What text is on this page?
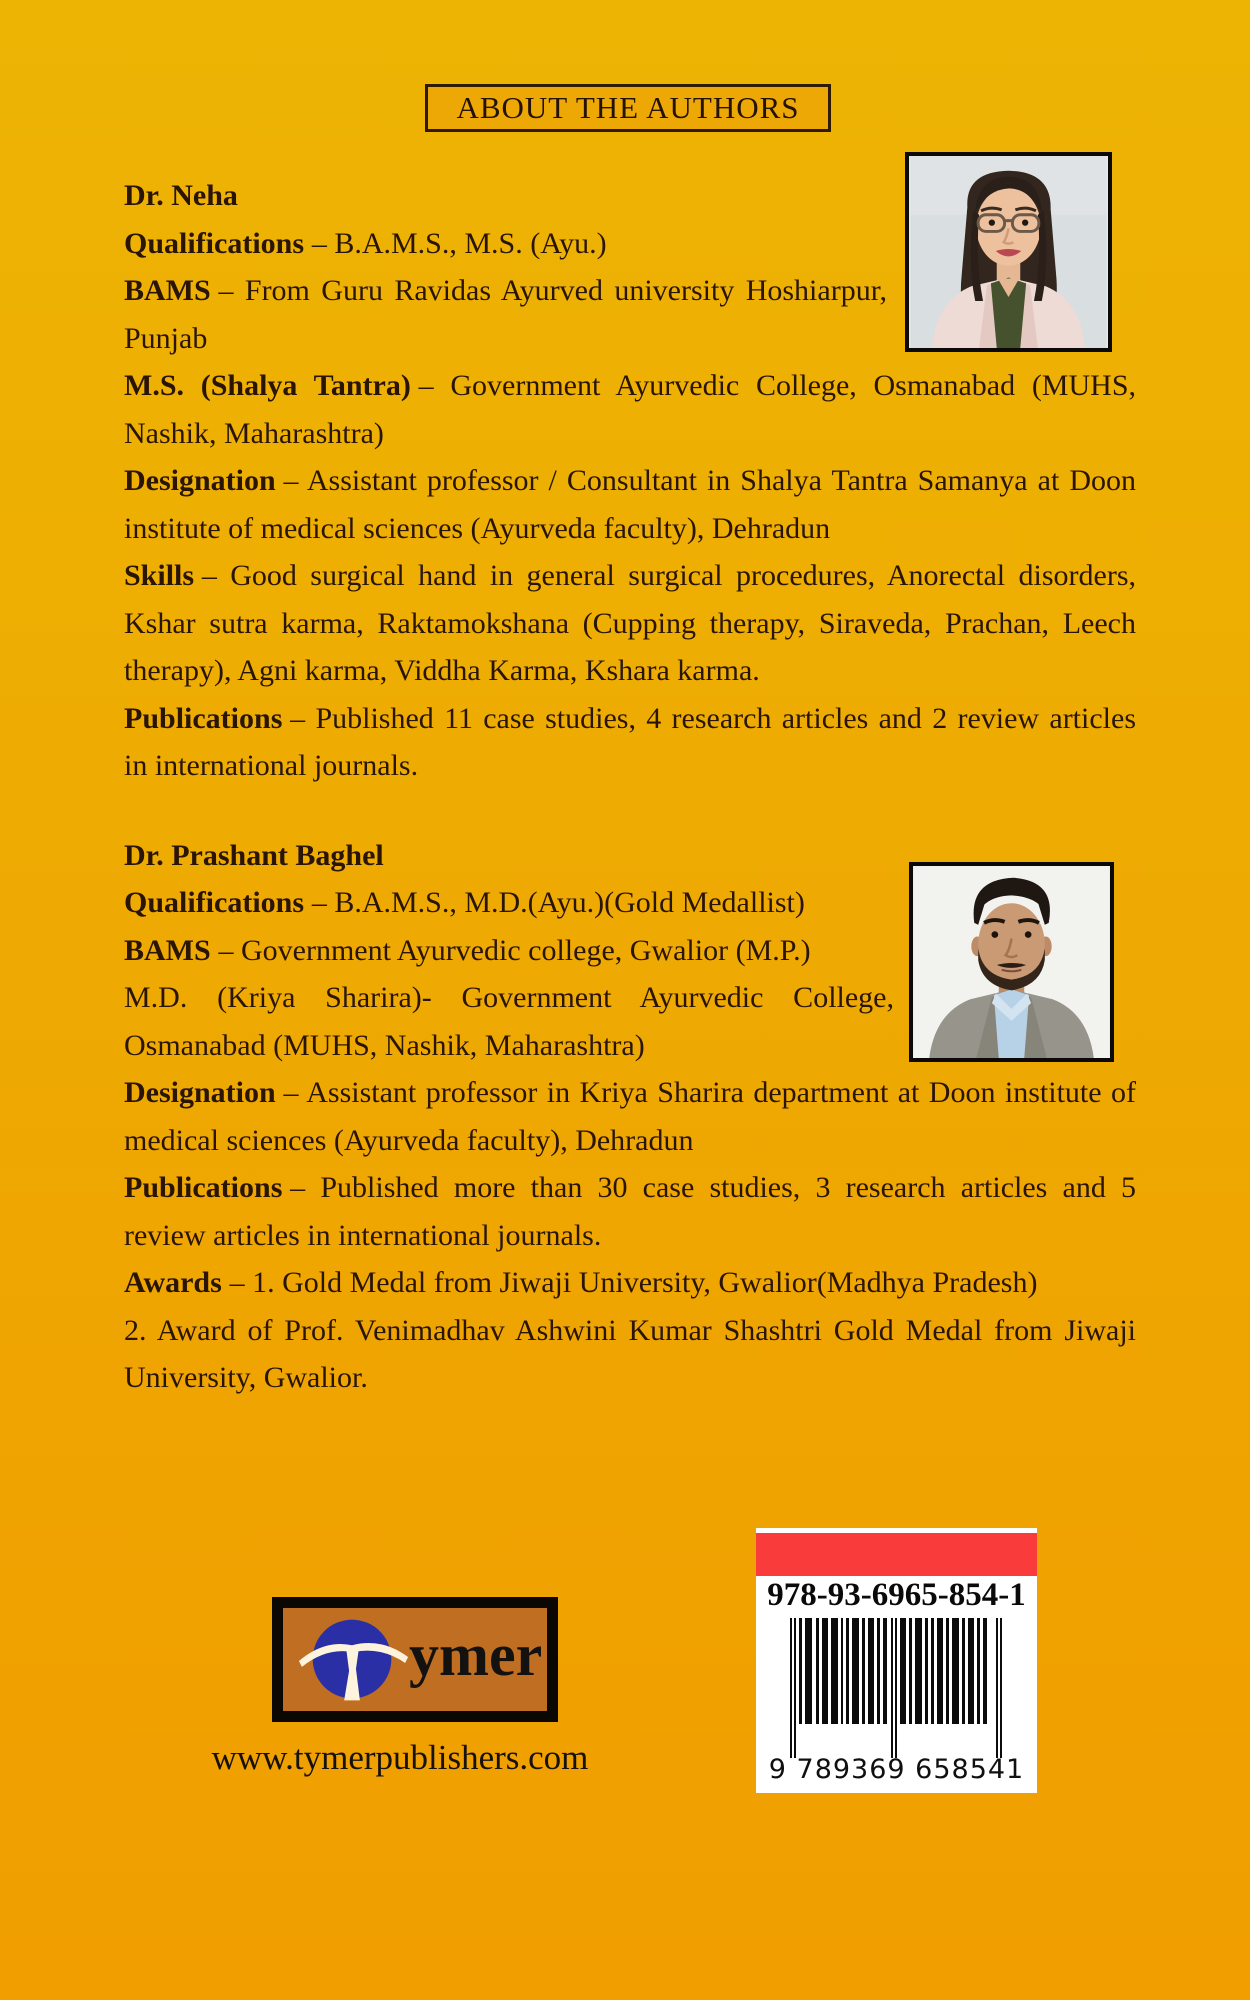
ABOUT THE AUTHORS

Dr. Neha

Qualifications – B.A.M.S., M.S. (Ayu.)

BAMS – From Guru Ravidas Ayurved university Hoshiarpur, Punjab

M.S. (Shalya Tantra) – Government Ayurvedic College, Osmanabad (MUHS, Nashik, Maharashtra)

Designation – Assistant professor / Consultant in Shalya Tantra Samanya at Doon institute of medical sciences (Ayurveda faculty), Dehradun

Skills – Good surgical hand in general surgical procedures, Anorectal disorders, Kshar sutra karma, Raktamokshana (Cupping therapy, Siraveda, Prachan, Leech therapy), Agni karma, Viddha Karma, Kshara karma.

Publications – Published 11 case studies, 4 research articles and 2 review articles in international journals.

Dr. Prashant Baghel

Qualifications – B.A.M.S., M.D.(Ayu.)(Gold Medallist)

BAMS – Government Ayurvedic college, Gwalior (M.P.)

M.D. (Kriya Sharira)- Government Ayurvedic College, Osmanabad (MUHS, Nashik, Maharashtra)

Designation – Assistant professor in Kriya Sharira department at Doon institute of medical sciences (Ayurveda faculty), Dehradun

Publications – Published more than 30 case studies, 3 research articles and 5 review articles in international journals.

Awards – 1. Gold Medal from Jiwaji University, Gwalior(Madhya Pradesh)

2. Award of Prof. Venimadhav Ashwini Kumar Shashtri Gold Medal from Jiwaji University, Gwalior.

ymer
www.tymerpublishers.com
978-93-6965-854-1
9 789369 658541
